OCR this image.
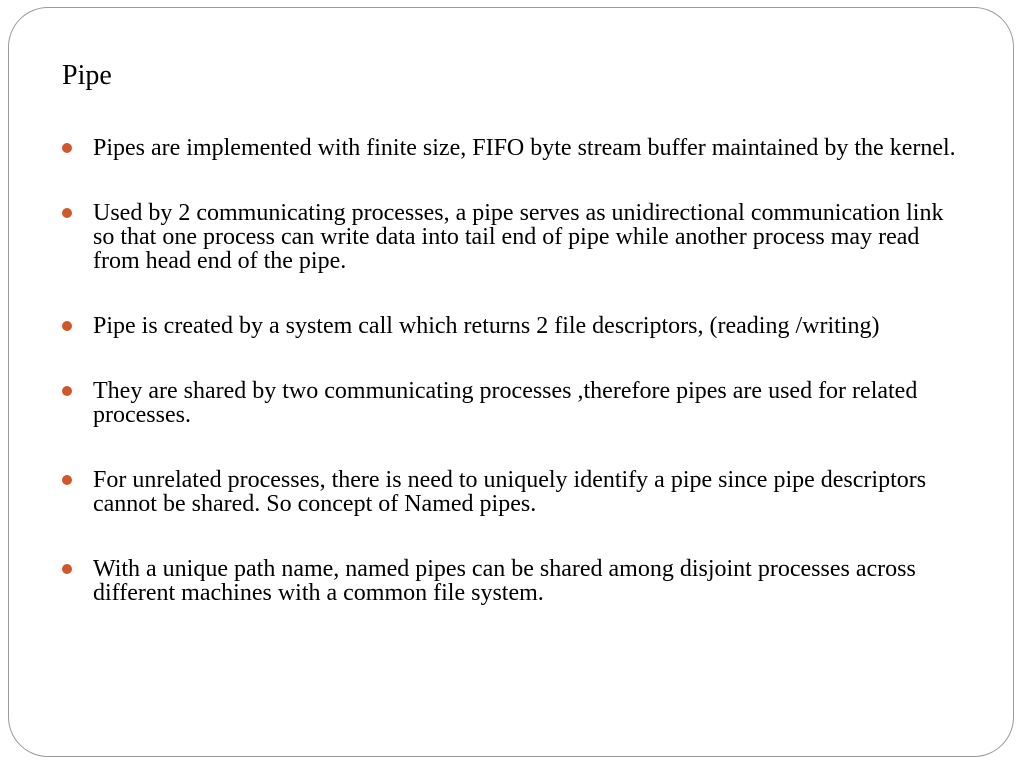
Pipe
Pipes are implemented with finite size, FIFO byte stream buffer maintained by the kernel.
Used by 2 communicating processes, a pipe serves as unidirectional communication link so that one process can write data into tail end of pipe while another process may read from head end of the pipe.
Pipe is created by a system call which returns 2 file descriptors, (reading /writing)
They are shared by two communicating processes ,therefore pipes are used for related processes.
For unrelated processes, there is need to uniquely identify a pipe since pipe descriptors cannot be shared. So concept of Named pipes.
With a unique path name, named pipes can be shared among disjoint processes across different machines with a common file system.
